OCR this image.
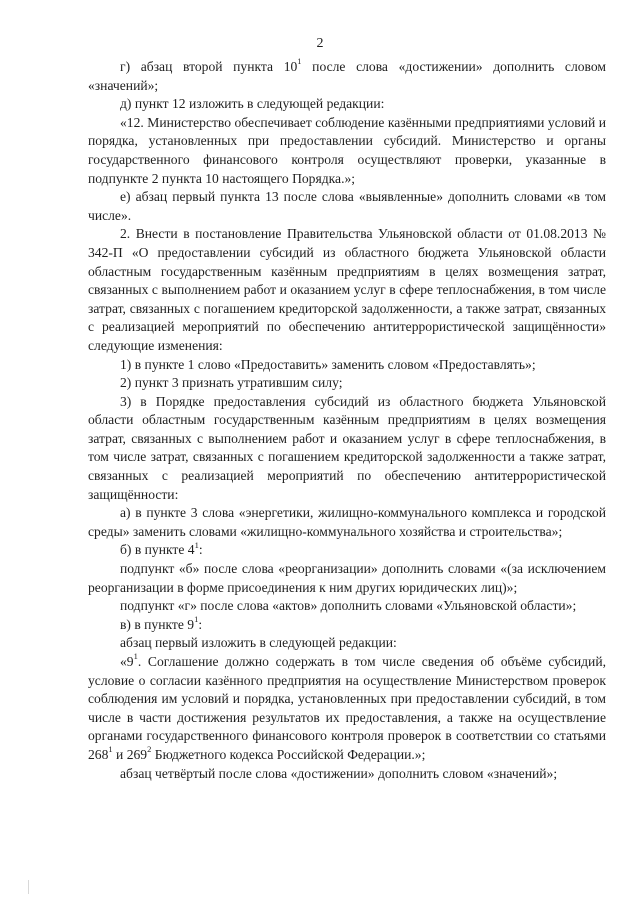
2

г) абзац второй пункта $10^1$ после слова «достижении» дополнить словом «значений»;

д) пункт 12 изложить в следующей редакции:

«12. Министерство обеспечивает соблюдение казёнными предприятиями условий и порядка, установленных при предоставлении субсидий. Министерство и органы государственного финансового контроля осуществляют проверки, указанные в подпункте 2 пункта 10 настоящего Порядка.»;

е) абзац первый пункта 13 после слова «выявленные» дополнить словами «в том числе».

2. Внести в постановление Правительства Ульяновской области от 01.08.2013 № 342-П «О предоставлении субсидий из областного бюджета Ульяновской области областным государственным казённым предприятиям в целях возмещения затрат, связанных с выполнением работ и оказанием услуг в сфере теплоснабжения, в том числе затрат, связанных с погашением кредиторской задолженности, а также затрат, связанных с реализацией мероприятий по обеспечению антитеррористической защищённости» следующие изменения:

1) в пункте 1 слово «Предоставить» заменить словом «Предоставлять»;

2) пункт 3 признать утратившим силу;

3) в Порядке предоставления субсидий из областного бюджета Ульяновской области областным государственным казённым предприятиям в целях возмещения затрат, связанных с выполнением работ и оказанием услуг в сфере теплоснабжения, в том числе затрат, связанных с погашением кредиторской задолженности а также затрат, связанных с реализацией мероприятий по обеспечению антитеррористической защищённости:

а) в пункте 3 слова «энергетики, жилищно-коммунального комплекса и городской среды» заменить словами «жилищно-коммунального хозяйства и строительства»;

б) в пункте $4^1$:

подпункт «б» после слова «реорганизации» дополнить словами «(за исключением реорганизации в форме присоединения к ним других юридических лиц)»;

подпункт «г» после слова «актов» дополнить словами «Ульяновской области»;

в) в пункте $9^1$:

абзац первый изложить в следующей редакции:

«$9^1$. Соглашение должно содержать в том числе сведения об объёме субсидий, условие о согласии казённого предприятия на осуществление Министерством проверок соблюдения им условий и порядка, установленных при предоставлении субсидий, в том числе в части достижения результатов их предоставления, а также на осуществление органами государственного финансового контроля проверок в соответствии со статьями $268^1$ и $269^2$ Бюджетного кодекса Российской Федерации.»;

абзац четвёртый после слова «достижении» дополнить словом «значений»;
